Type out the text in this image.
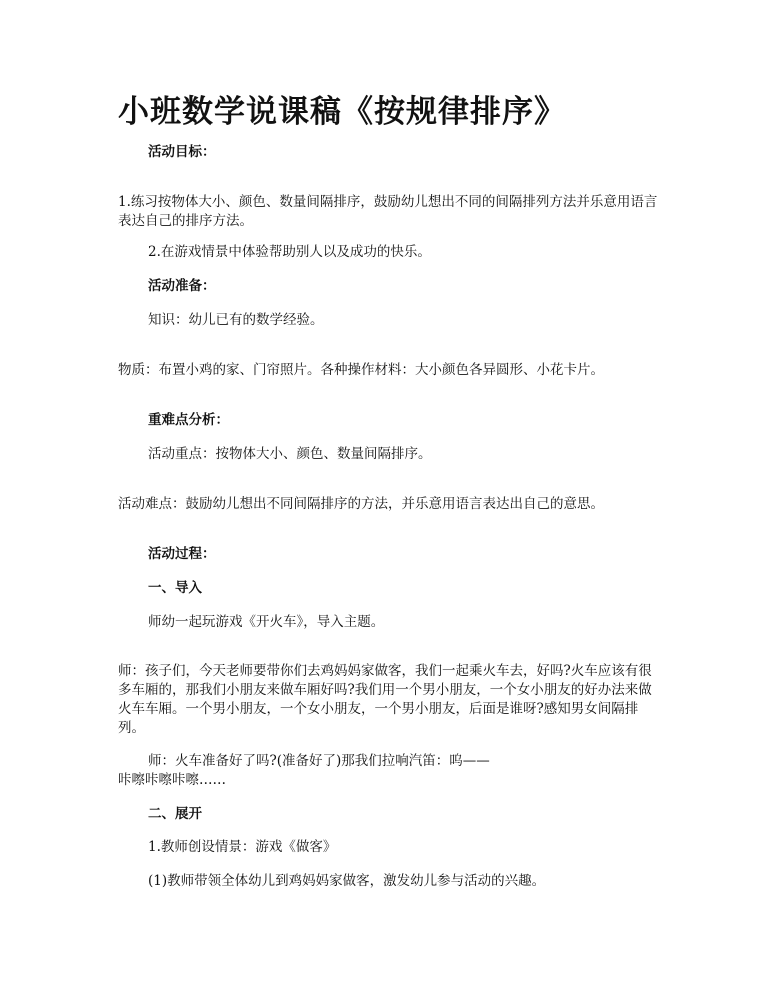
小班数学说课稿《按规律排序》

活动目标：

1.练习按物体大小、颜色、数量间隔排序，鼓励幼儿想出不同的间隔排列方法并乐意用语言表达自己的排序方法。

2.在游戏情景中体验帮助别人以及成功的快乐。

活动准备：

知识：幼儿已有的数学经验。

物质：布置小鸡的家、门帘照片。各种操作材料：大小颜色各异圆形、小花卡片。

重难点分析：

活动重点：按物体大小、颜色、数量间隔排序。

活动难点：鼓励幼儿想出不同间隔排序的方法，并乐意用语言表达出自己的意思。

活动过程：

一、导入

师幼一起玩游戏《开火车》，导入主题。

师：孩子们，今天老师要带你们去鸡妈妈家做客，我们一起乘火车去，好吗?火车应该有很多车厢的，那我们小朋友来做车厢好吗?我们用一个男小朋友，一个女小朋友的好办法来做火车车厢。一个男小朋友，一个女小朋友，一个男小朋友，后面是谁呀?感知男女间隔排列。

师：火车准备好了吗?(准备好了)那我们拉响汽笛：呜——

咔嚓咔嚓咔嚓……

二、展开

1.教师创设情景：游戏《做客》

(1)教师带领全体幼儿到鸡妈妈家做客，激发幼儿参与活动的兴趣。
